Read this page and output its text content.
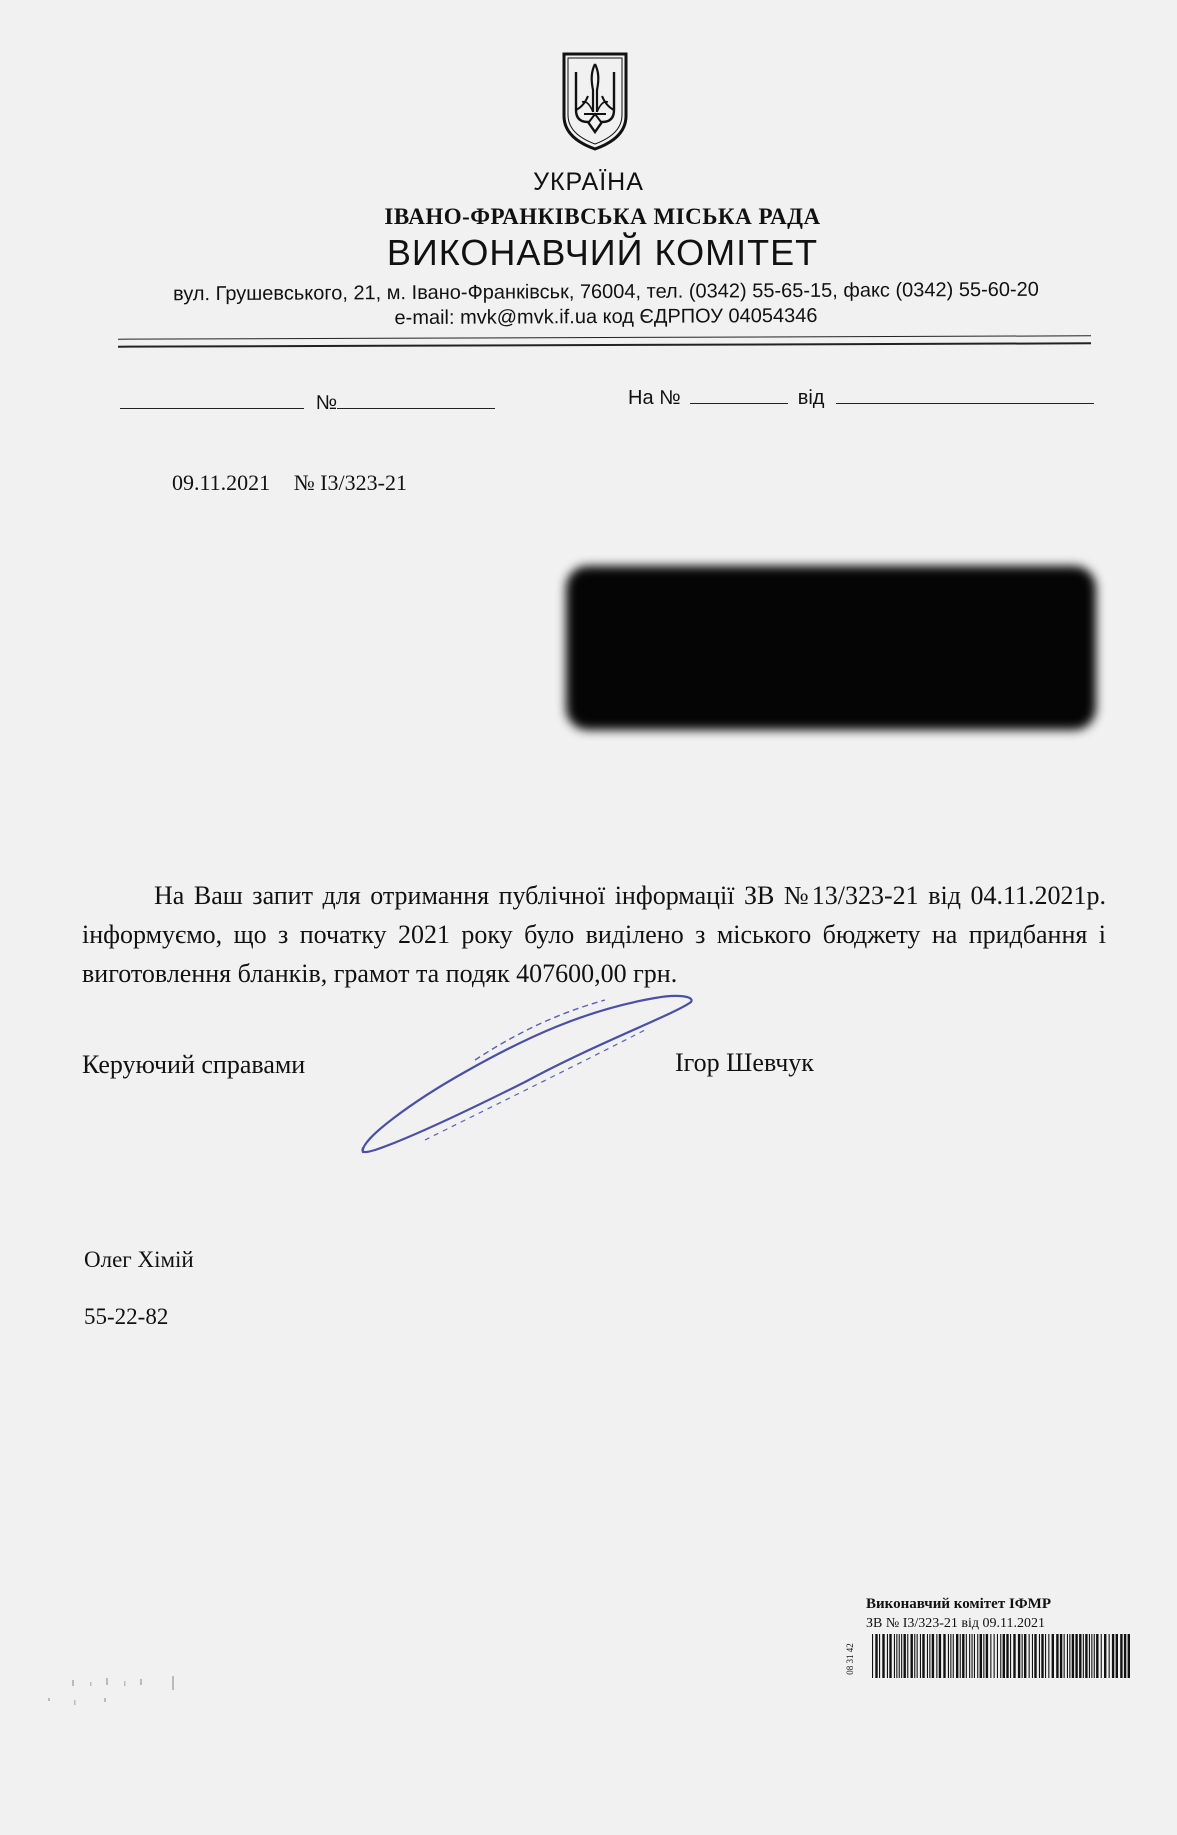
УКРАЇНА
ІВАНО-ФРАНКІВСЬКА МІСЬКА РАДА
ВИКОНАВЧИЙ КОМІТЕТ
вул. Грушевського, 21, м. Івано-Франківськ, 76004, тел. (0342) 55-65-15, факс (0342) 55-60-20
e-mail: mvk@mvk.if.ua код ЄДРПОУ 04054346
№	На №	від
09.11.2021 № І3/323-21

На Ваш запит для отримання публічної інформації ЗВ №13/323-21 від 04.11.2021р. інформуємо, що з початку 2021 року було виділено з міського бюджету на придбання і виготовлення бланків, грамот та подяк 407600,00 грн.

Керуючий справами	Ігор Шевчук
Олег Хімій
55-22-82
Виконавчий комітет ІФМР
ЗВ № І3/323-21 від 09.11.2021
08 31 42
